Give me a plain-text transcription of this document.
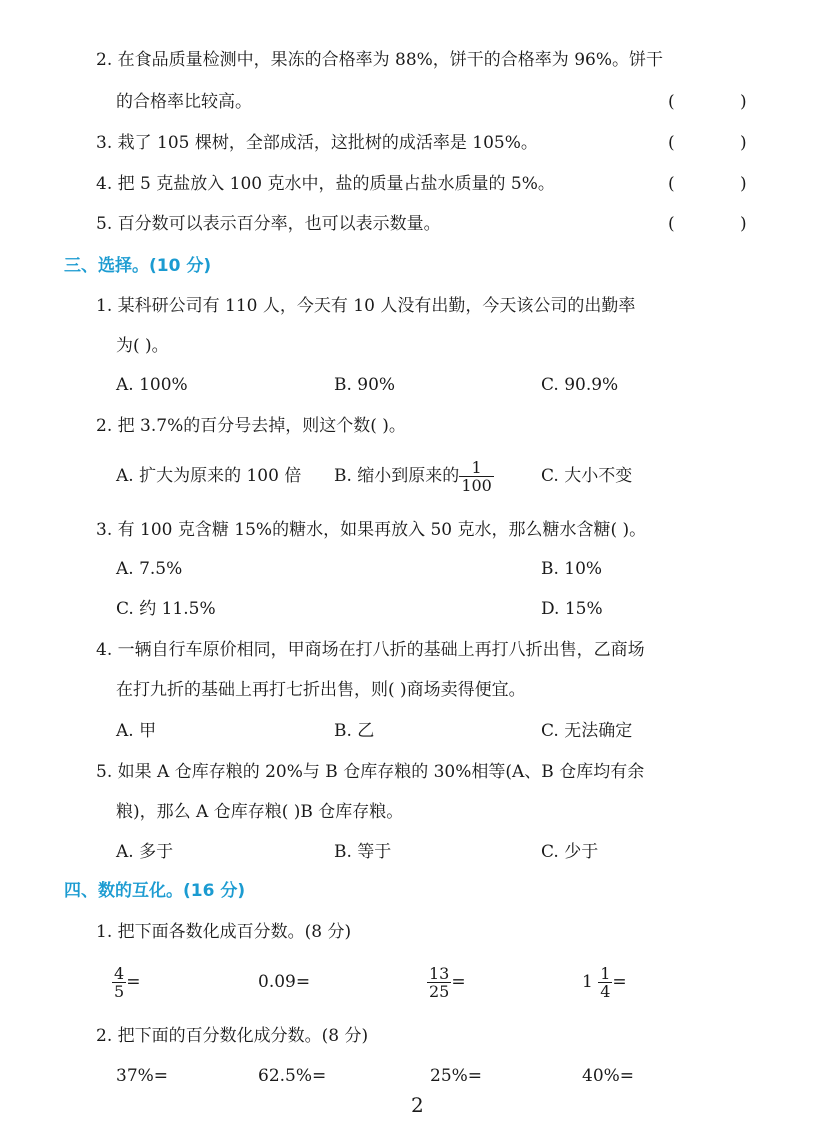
2. 在食品质量检测中，果冻的合格率为 88%，饼干的合格率为 96%。饼干
的合格率比较高。	(	)
3. 栽了 105 棵树，全部成活，这批树的成活率是 105%。	(	)
4. 把 5 克盐放入 100 克水中，盐的质量占盐水质量的 5%。	(	)
5. 百分数可以表示百分率，也可以表示数量。	(	)
三、选择。(10 分)
1. 某科研公司有 110 人，今天有 10 人没有出勤，今天该公司的出勤率
为( )。
A. 100%	B. 90%	C. 90.9%
2. 把 3.7%的百分号去掉，则这个数( )。
A. 扩大为原来的 100 倍 B. 缩小到原来的 $\frac{1}{100}$	C. 大小不变
3. 有 100 克含糖 15%的糖水，如果再放入 50 克水，那么糖水含糖( )。
A. 7.5%	B. 10%
C. 约 11.5%	D. 15%
4. 一辆自行车原价相同，甲商场在打八折的基础上再打八折出售，乙商场
在打九折的基础上再打七折出售，则( )商场卖得便宜。
A. 甲	B. 乙	C. 无法确定
5. 如果 A 仓库存粮的 20%与 B 仓库存粮的 30%相等(A、B 仓库均有余
粮)，那么 A 仓库存粮( )B 仓库存粮。
A. 多于	B. 等于	C. 少于
四、数的互化。(16 分)
1. 把下面各数化成百分数。(8 分)
$\frac{4}{5}$ =	0.09=	$\frac{13}{25}$ =	$1 \frac{1}{4}$ =
2. 把下面的百分数化成分数。(8 分)
37%=	62.5%=	25%=	40%=
2
